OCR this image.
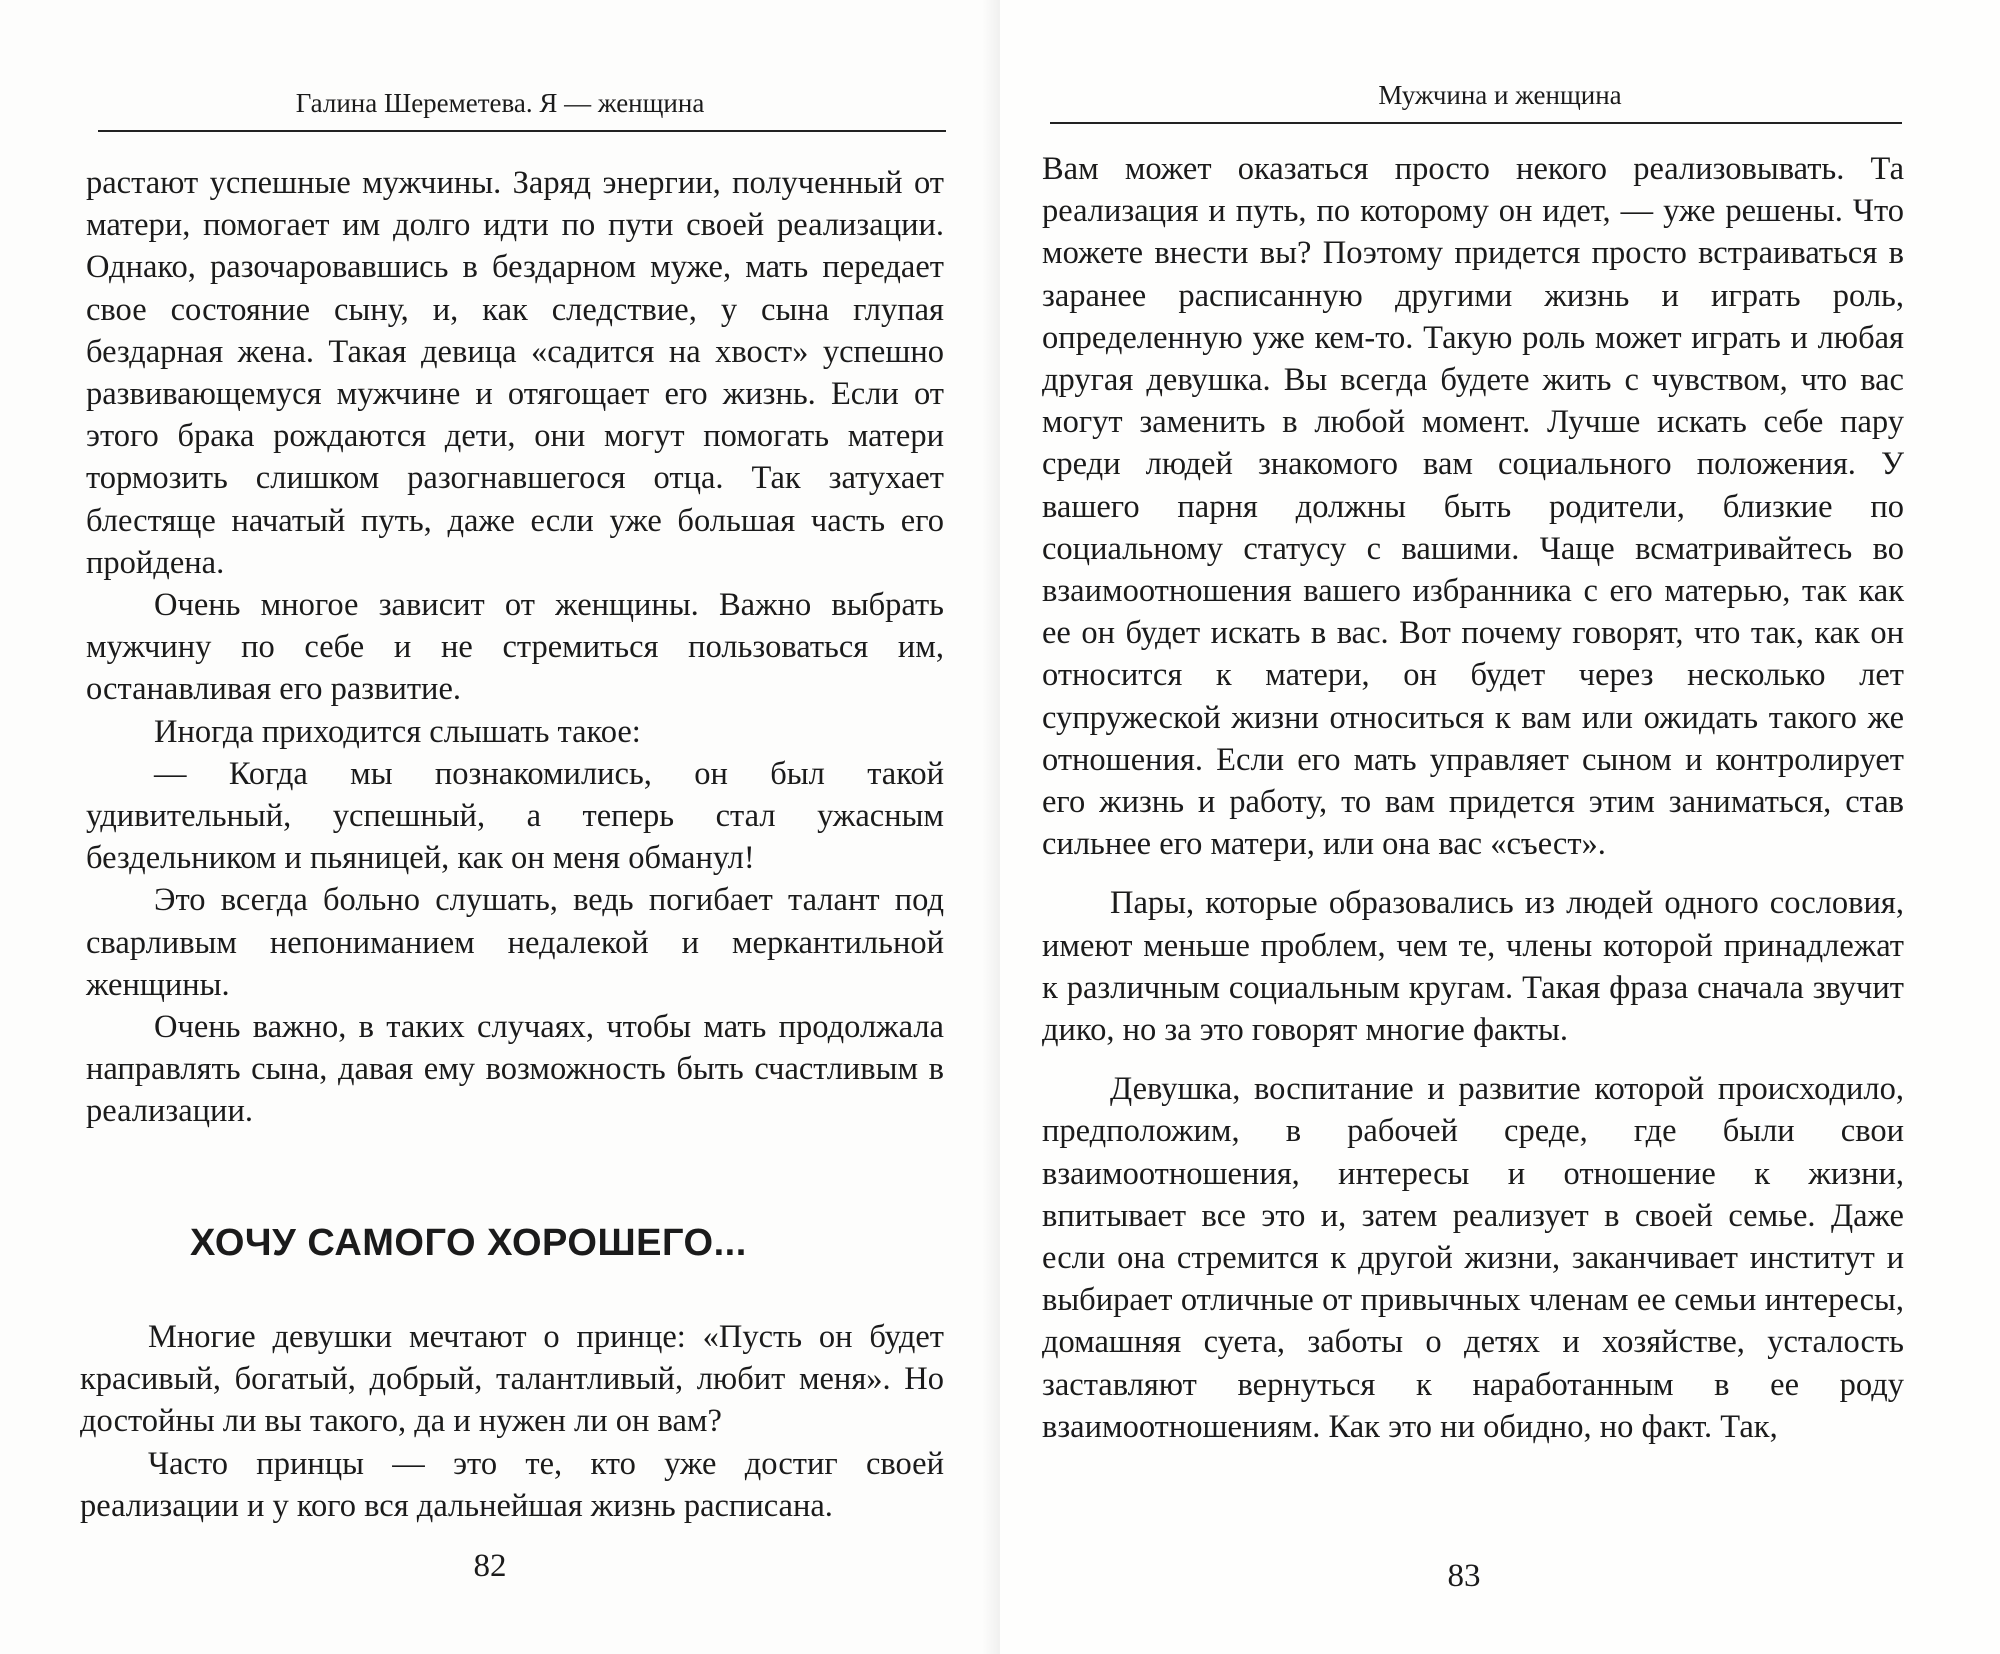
Галина Шереметева. Я — женщина

растают успешные мужчины. Заряд энергии, полученный от матери, помогает им долго идти по пути своей реализации. Однако, разочаровавшись в бездарном муже, мать передает свое состояние сыну, и, как следствие, у сына глупая бездарная жена. Такая девица «садится на хвост» успешно развивающемуся мужчине и отягощает его жизнь. Если от этого брака рождаются дети, они могут помогать матери тормозить слишком разогнавшегося отца. Так затухает блестяще начатый путь, даже если уже большая часть его пройдена.

Очень многое зависит от женщины. Важно выбрать мужчину по себе и не стремиться пользоваться им, останавливая его развитие.

Иногда приходится слышать такое:

— Когда мы познакомились, он был такой удивительный, успешный, а теперь стал ужасным бездельником и пьяницей, как он меня обманул!

Это всегда больно слушать, ведь погибает талант под сварливым непониманием недалекой и меркантильной женщины.

Очень важно, в таких случаях, чтобы мать продолжала направлять сына, давая ему возможность быть счастливым в реализации.

ХОЧУ САМОГО ХОРОШЕГО...

Многие девушки мечтают о принце: «Пусть он будет красивый, богатый, добрый, талантливый, любит меня». Но достойны ли вы такого, да и нужен ли он вам?

Часто принцы — это те, кто уже достиг своей реализации и у кого вся дальнейшая жизнь расписана.

82
Мужчина и женщина

Вам может оказаться просто некого реализовывать. Та реализация и путь, по которому он идет, — уже решены. Что можете внести вы? Поэтому придется просто встраиваться в заранее расписанную другими жизнь и играть роль, определенную уже кем-то. Такую роль может играть и любая другая девушка. Вы всегда будете жить с чувством, что вас могут заменить в любой момент. Лучше искать себе пару среди людей знакомого вам социального положения. У вашего парня должны быть родители, близкие по социальному статусу с вашими. Чаще всматривайтесь во взаимоотношения вашего избранника с его матерью, так как ее он будет искать в вас. Вот почему говорят, что так, как он относится к матери, он будет через несколько лет супружеской жизни относиться к вам или ожидать такого же отношения. Если его мать управляет сыном и контролирует его жизнь и работу, то вам придется этим заниматься, став сильнее его матери, или она вас «съест».

Пары, которые образовались из людей одного сословия, имеют меньше проблем, чем те, члены которой принадлежат к различным социальным кругам. Такая фраза сначала звучит дико, но за это говорят многие факты.

Девушка, воспитание и развитие которой происходило, предположим, в рабочей среде, где были свои взаимоотношения, интересы и отношение к жизни, впитывает все это и, затем реализует в своей семье. Даже если она стремится к другой жизни, заканчивает институт и выбирает отличные от привычных членам ее семьи интересы, домашняя суета, заботы о детях и хозяйстве, усталость заставляют вернуться к наработанным в ее роду взаимоотношениям. Как это ни обидно, но факт. Так,

83
